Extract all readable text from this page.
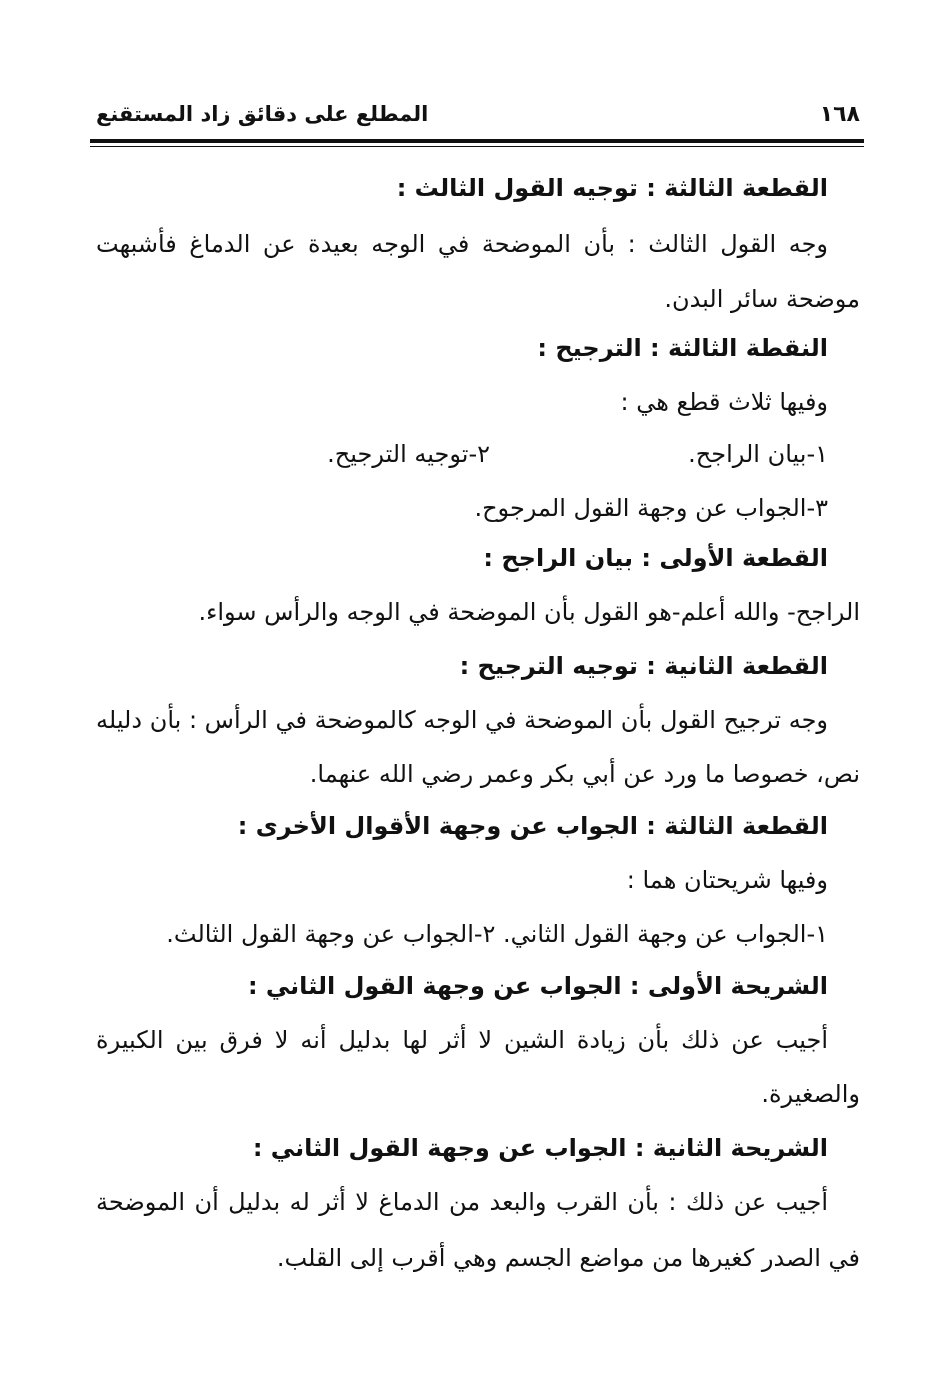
١٦٨
المطلع على دقائق زاد المستقنع
القطعة الثالثة : توجيه القول الثالث :
وجه القول الثالث : بأن الموضحة في الوجه بعيدة عن الدماغ فأشبهت
موضحة سائر البدن.
النقطة الثالثة : الترجيح :
وفيها ثلاث قطع هي :
١-بيان الراجح.
٢-توجيه الترجيح.
٣-الجواب عن وجهة القول المرجوح.
القطعة الأولى : بيان الراجح :
الراجح- والله أعلم-هو القول بأن الموضحة في الوجه والرأس سواء.
القطعة الثانية : توجيه الترجيح :
وجه ترجيح القول بأن الموضحة في الوجه كالموضحة في الرأس : بأن دليله
نص، خصوصا ما ورد عن أبي بكر وعمر رضي الله عنهما.
القطعة الثالثة : الجواب عن وجهة الأقوال الأخرى :
وفيها شريحتان هما :
١-الجواب عن وجهة القول الثاني. ٢-الجواب عن وجهة القول الثالث.
الشريحة الأولى : الجواب عن وجهة القول الثاني :
أجيب عن ذلك بأن زيادة الشين لا أثر لها بدليل أنه لا فرق بين الكبيرة
والصغيرة.
الشريحة الثانية : الجواب عن وجهة القول الثاني :
أجيب عن ذلك : بأن القرب والبعد من الدماغ لا أثر له بدليل أن الموضحة
في الصدر كغيرها من مواضع الجسم وهي أقرب إلى القلب.
